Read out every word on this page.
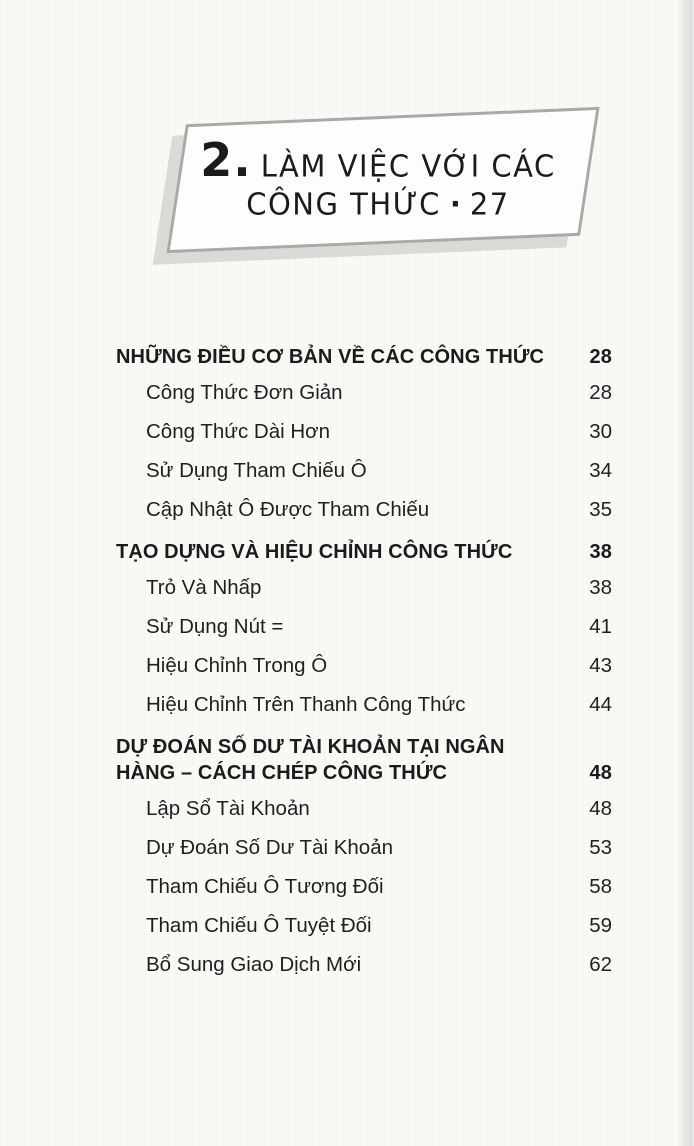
2. LÀM VIỆC VỚI CÁC
CÔNG THỨC · 27
NHỮNG ĐIỀU CƠ BẢN VỀ CÁC CÔNG THỨC 28
Công Thức Đơn Giản	28
Công Thức Dài Hơn	30
Sử Dụng Tham Chiếu Ô	34
Cập Nhật Ô Được Tham Chiếu	35
TẠO DỰNG VÀ HIỆU CHỈNH CÔNG THỨC	38
Trỏ Và Nhấp	38
Sử Dụng Nút =	41
Hiệu Chỉnh Trong Ô	43
Hiệu Chỉnh Trên Thanh Công Thức	44
DỰ ĐOÁN SỐ DƯ TÀI KHOẢN TẠI NGÂN HÀNG – CÁCH CHÉP CÔNG THỨC	48
Lập Sổ Tài Khoản	48
Dự Đoán Số Dư Tài Khoản	53
Tham Chiếu Ô Tương Đối	58
Tham Chiếu Ô Tuyệt Đối	59
Bổ Sung Giao Dịch Mới	62
